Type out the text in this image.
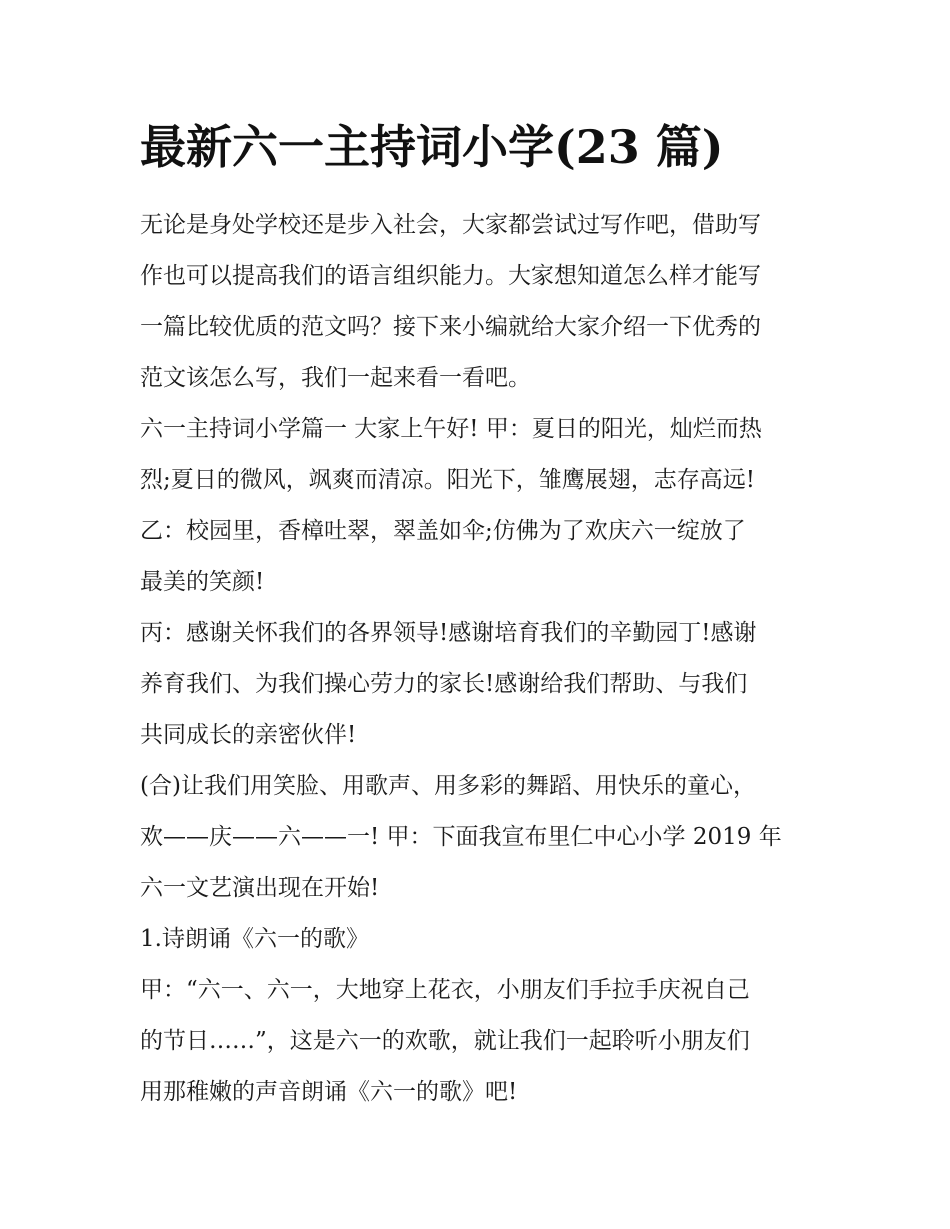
最新六一主持词小学(23 篇)
无论是身处学校还是步入社会，大家都尝试过写作吧，借助写
作也可以提高我们的语言组织能力。大家想知道怎么样才能写
一篇比较优质的范文吗？接下来小编就给大家介绍一下优秀的
范文该怎么写，我们一起来看一看吧。
六一主持词小学篇一 大家上午好! 甲：夏日的阳光，灿烂而热
烈;夏日的微风，飒爽而清凉。阳光下，雏鹰展翅，志存高远!
乙：校园里，香樟吐翠，翠盖如伞;仿佛为了欢庆六一绽放了
最美的笑颜!
丙：感谢关怀我们的各界领导!感谢培育我们的辛勤园丁!感谢
养育我们、为我们操心劳力的家长!感谢给我们帮助、与我们
共同成长的亲密伙伴!
(合)让我们用笑脸、用歌声、用多彩的舞蹈、用快乐的童心，
欢——庆——六——一! 甲：下面我宣布里仁中心小学 2019 年
六一文艺演出现在开始!
1.诗朗诵《六一的歌》
甲：“六一、六一，大地穿上花衣，小朋友们手拉手庆祝自己
的节日……”，这是六一的欢歌，就让我们一起聆听小朋友们
用那稚嫩的声音朗诵《六一的歌》吧!
